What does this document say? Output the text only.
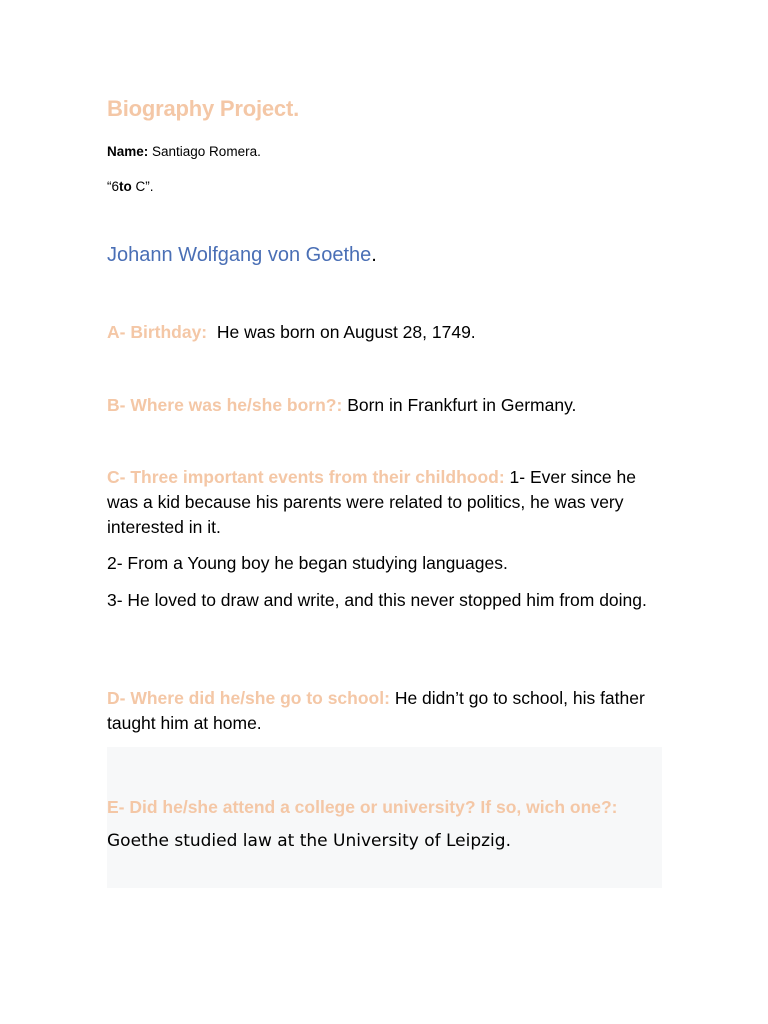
Biography Project.
Name: Santiago Romera.
“6to C”.
Johann Wolfgang von Goethe.
A- Birthday: He was born on August 28, 1749.
B- Where was he/she born?: Born in Frankfurt in Germany.
C- Three important events from their childhood: 1- Ever since he was a kid because his parents were related to politics, he was very interested in it.
2- From a Young boy he began studying languages.
3- He loved to draw and write, and this never stopped him from doing.
D- Where did he/she go to school: He didn’t go to school, his father taught him at home.
E- Did he/she attend a college or university? If so, wich one?: Goethe studied law at the University of Leipzig.
